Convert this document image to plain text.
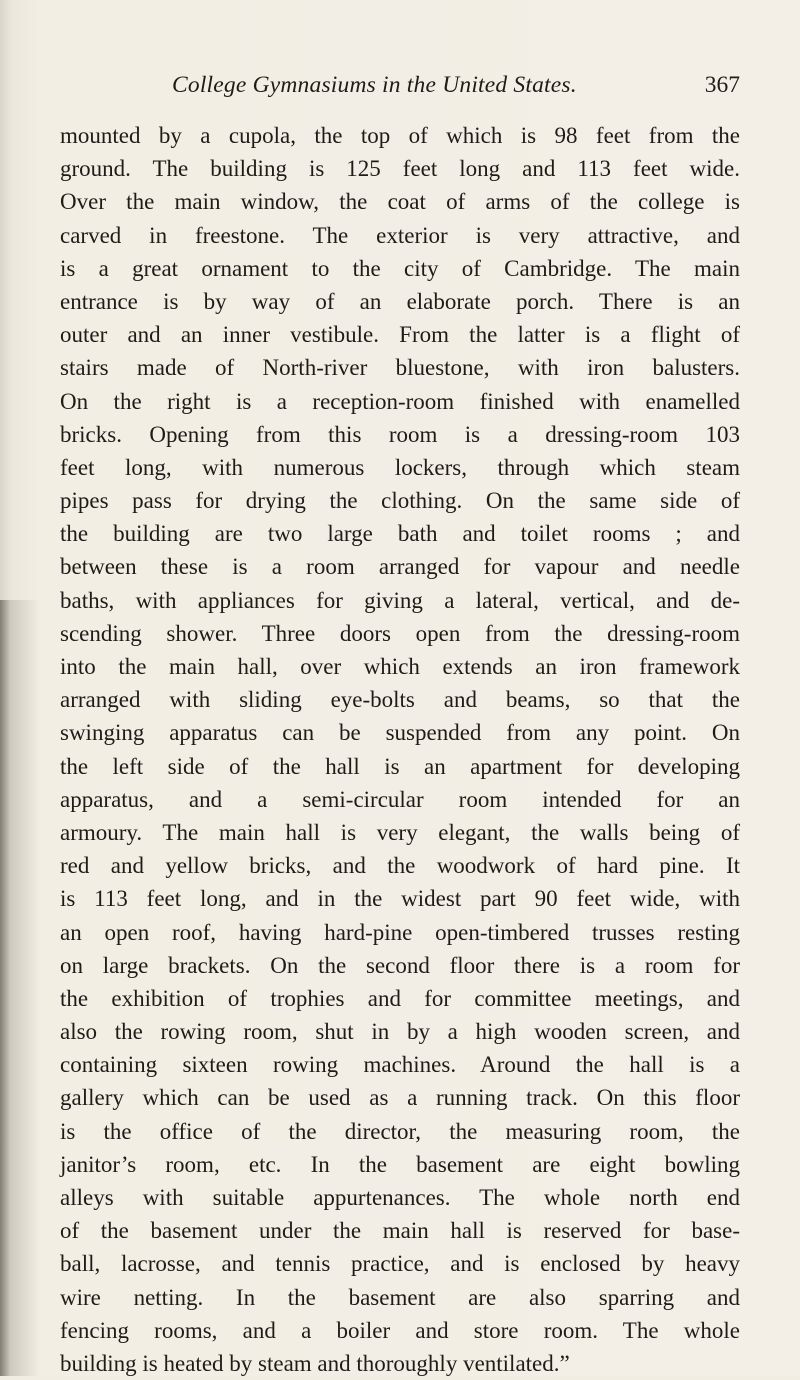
College Gymnasiums in the United States.	367
mounted by a cupola, the top of which is 98 feet from the
ground. The building is 125 feet long and 113 feet wide.
Over the main window, the coat of arms of the college is
carved in freestone. The exterior is very attractive, and
is a great ornament to the city of Cambridge. The main
entrance is by way of an elaborate porch. There is an
outer and an inner vestibule. From the latter is a flight of
stairs made of North-river bluestone, with iron balusters.
On the right is a reception-room finished with enamelled
bricks. Opening from this room is a dressing-room 103
feet long, with numerous lockers, through which steam
pipes pass for drying the clothing. On the same side of
the building are two large bath and toilet rooms ; and
between these is a room arranged for vapour and needle
baths, with appliances for giving a lateral, vertical, and de-
scending shower. Three doors open from the dressing-room
into the main hall, over which extends an iron framework
arranged with sliding eye-bolts and beams, so that the
swinging apparatus can be suspended from any point. On
the left side of the hall is an apartment for developing
apparatus, and a semi-circular room intended for an
armoury. The main hall is very elegant, the walls being of
red and yellow bricks, and the woodwork of hard pine. It
is 113 feet long, and in the widest part 90 feet wide, with
an open roof, having hard-pine open-timbered trusses resting
on large brackets. On the second floor there is a room for
the exhibition of trophies and for committee meetings, and
also the rowing room, shut in by a high wooden screen, and
containing sixteen rowing machines. Around the hall is a
gallery which can be used as a running track. On this floor
is the office of the director, the measuring room, the
janitor’s room, etc. In the basement are eight bowling
alleys with suitable appurtenances. The whole north end
of the basement under the main hall is reserved for base-
ball, lacrosse, and tennis practice, and is enclosed by heavy
wire netting. In the basement are also sparring and
fencing rooms, and a boiler and store room. The whole
building is heated by steam and thoroughly ventilated.”
